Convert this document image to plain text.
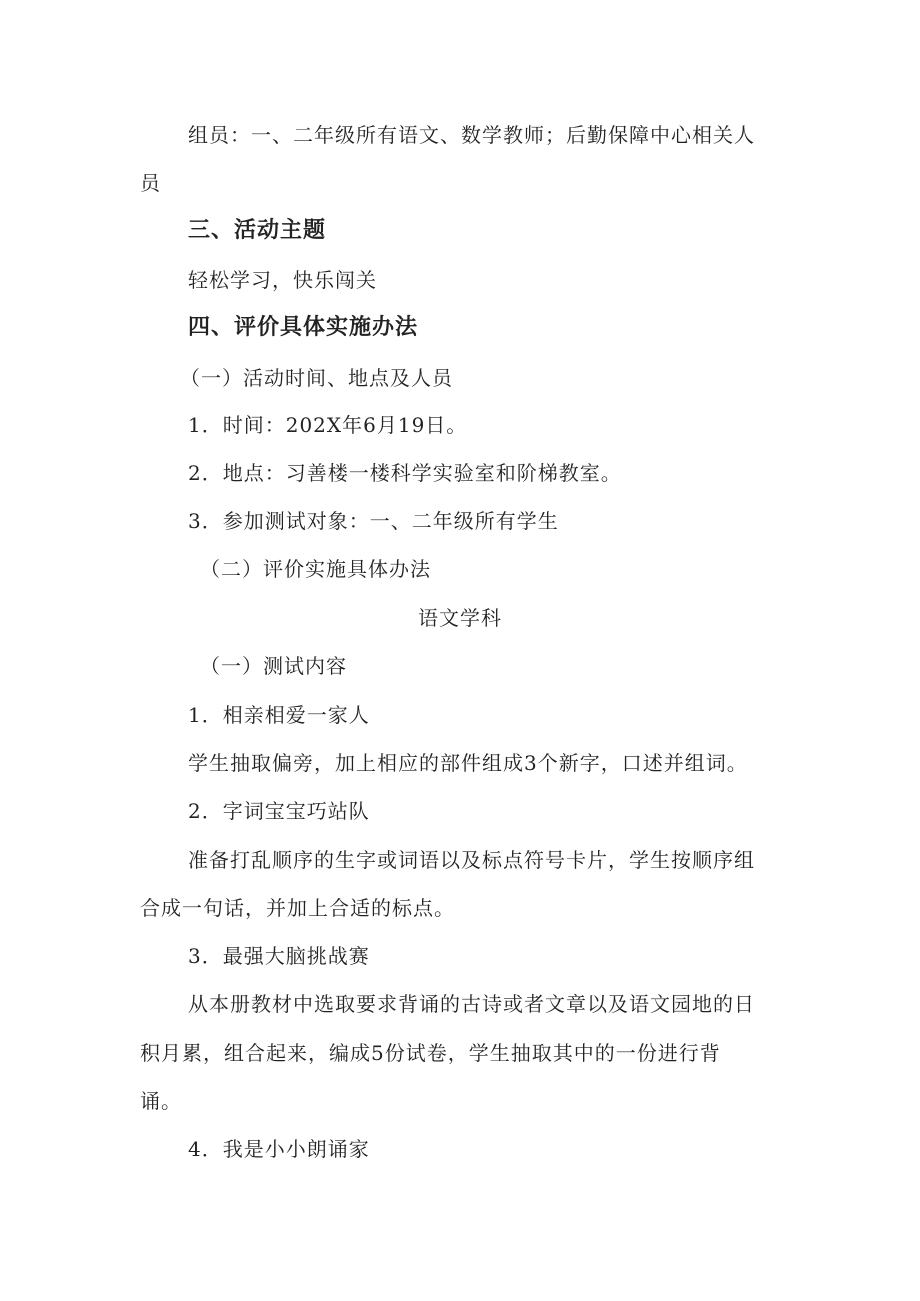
组员：一、二年级所有语文、数学教师；后勤保障中心相关人

员

三、活动主题

轻松学习，快乐闯关

四、评价具体实施办法

（一）活动时间、地点及人员

1．时间：202X年6月19日。

2．地点：习善楼一楼科学实验室和阶梯教室。

3．参加测试对象：一、二年级所有学生

（二）评价实施具体办法

语文学科

（一）测试内容

1．相亲相爱一家人

学生抽取偏旁，加上相应的部件组成3个新字，口述并组词。

2．字词宝宝巧站队

准备打乱顺序的生字或词语以及标点符号卡片，学生按顺序组

合成一句话，并加上合适的标点。

3．最强大脑挑战赛

从本册教材中选取要求背诵的古诗或者文章以及语文园地的日

积月累，组合起来，编成5份试卷，学生抽取其中的一份进行背

诵。

4．我是小小朗诵家
